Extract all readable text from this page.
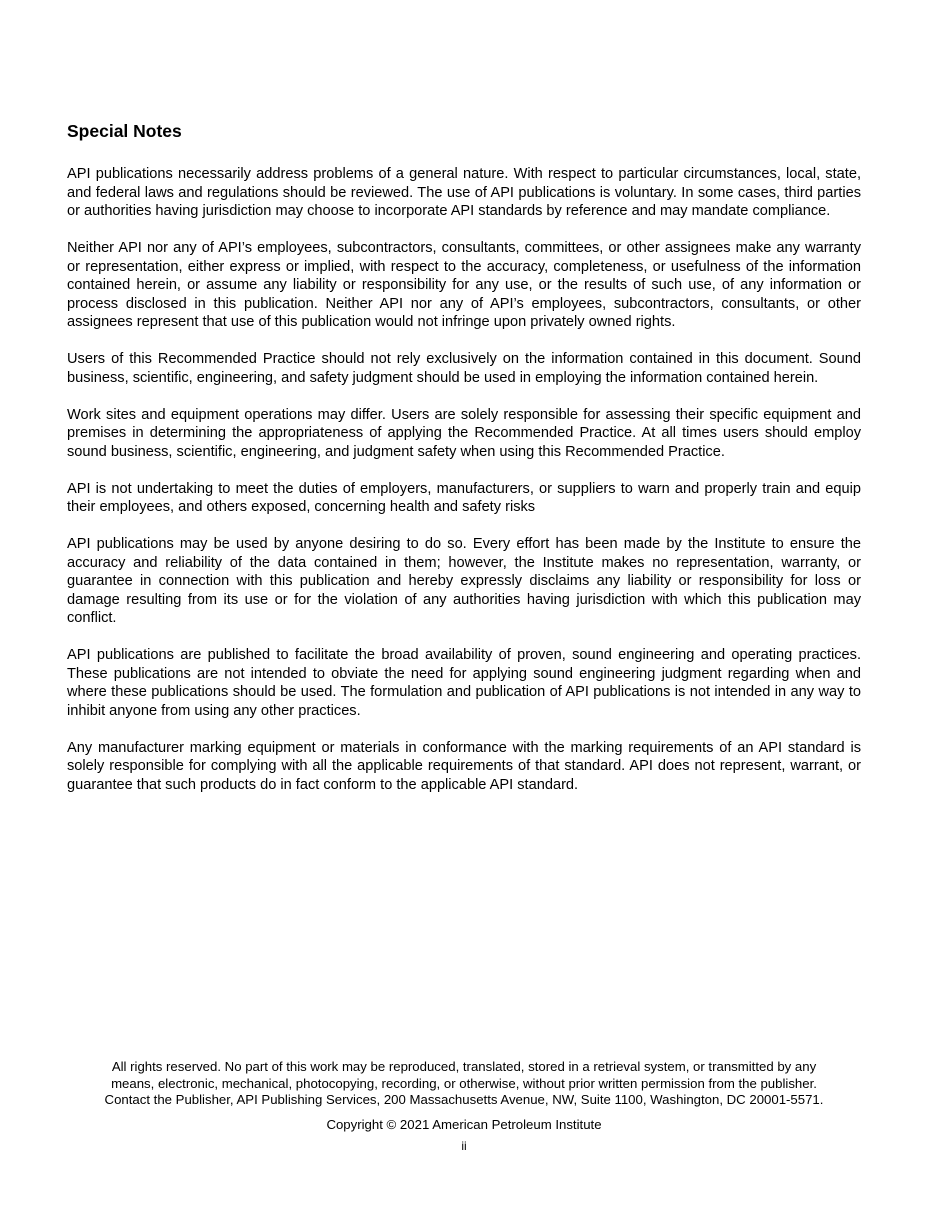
Special Notes

API publications necessarily address problems of a general nature. With respect to particular circumstances, local, state, and federal laws and regulations should be reviewed. The use of API publications is voluntary. In some cases, third parties or authorities having jurisdiction may choose to incorporate API standards by reference and may mandate compliance.

Neither API nor any of API’s employees, subcontractors, consultants, committees, or other assignees make any warranty or representation, either express or implied, with respect to the accuracy, completeness, or usefulness of the information contained herein, or assume any liability or responsibility for any use, or the results of such use, of any information or process disclosed in this publication. Neither API nor any of API’s employees, subcontractors, consultants, or other assignees represent that use of this publication would not infringe upon privately owned rights.

Users of this Recommended Practice should not rely exclusively on the information contained in this document. Sound business, scientific, engineering, and safety judgment should be used in employing the information contained herein.

Work sites and equipment operations may differ. Users are solely responsible for assessing their specific equipment and premises in determining the appropriateness of applying the Recommended Practice. At all times users should employ sound business, scientific, engineering, and judgment safety when using this Recommended Practice.

API is not undertaking to meet the duties of employers, manufacturers, or suppliers to warn and properly train and equip their employees, and others exposed, concerning health and safety risks

API publications may be used by anyone desiring to do so. Every effort has been made by the Institute to ensure the accuracy and reliability of the data contained in them; however, the Institute makes no representation, warranty, or guarantee in connection with this publication and hereby expressly disclaims any liability or responsibility for loss or damage resulting from its use or for the violation of any authorities having jurisdiction with which this publication may conflict.

API publications are published to facilitate the broad availability of proven, sound engineering and operating practices. These publications are not intended to obviate the need for applying sound engineering judgment regarding when and where these publications should be used. The formulation and publication of API publications is not intended in any way to inhibit anyone from using any other practices.

Any manufacturer marking equipment or materials in conformance with the marking requirements of an API standard is solely responsible for complying with all the applicable requirements of that standard. API does not represent, warrant, or guarantee that such products do in fact conform to the applicable API standard.

All rights reserved. No part of this work may be reproduced, translated, stored in a retrieval system, or transmitted by any
means, electronic, mechanical, photocopying, recording, or otherwise, without prior written permission from the publisher.
Contact the Publisher, API Publishing Services, 200 Massachusetts Avenue, NW, Suite 1100, Washington, DC 20001-5571.

Copyright © 2021 American Petroleum Institute

ii
